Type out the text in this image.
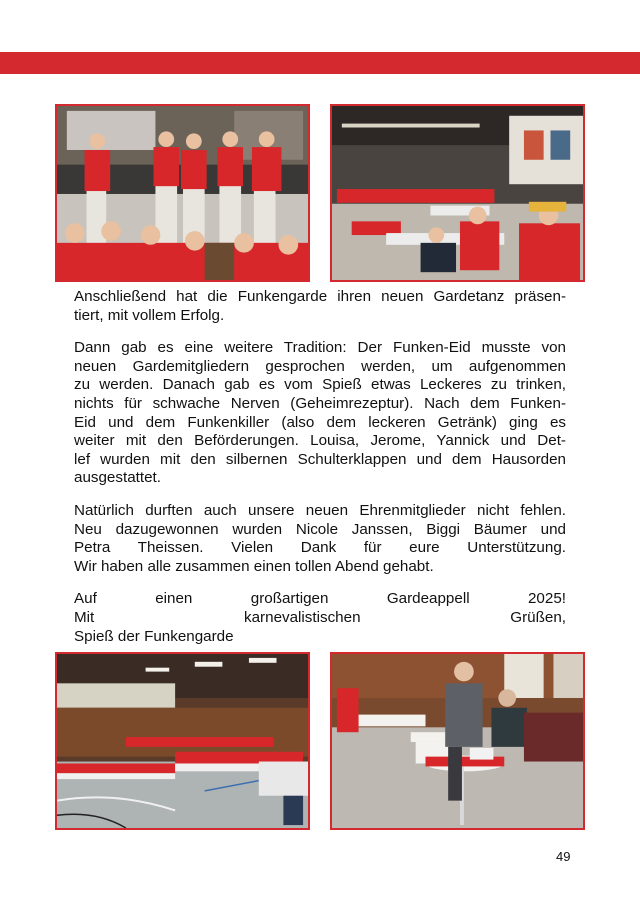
Anschließend hat die Funkengarde ihren neuen Gardetanz präsen-
tiert, mit vollem Erfolg.

Dann gab es eine weitere Tradition: Der Funken-Eid musste von
neuen Gardemitgliedern gesprochen werden, um aufgenommen
zu werden. Danach gab es vom Spieß etwas Leckeres zu trinken,
nichts für schwache Nerven (Geheimrezeptur). Nach dem Funken-
Eid und dem Funkenkiller (also dem leckeren Getränk) ging es
weiter mit den Beförderungen. Louisa, Jerome, Yannick und Det-
lef wurden mit den silbernen Schulterklappen und dem Hausorden
ausgestattet.

Natürlich durften auch unsere neuen Ehrenmitglieder nicht fehlen.
Neu dazugewonnen wurden Nicole Janssen, Biggi Bäumer und
Petra Theissen. Vielen Dank für eure Unterstützung.
Wir haben alle zusammen einen tollen Abend gehabt.

Auf einen großartigen Gardeappell 2025!
Mit karnevalistischen Grüßen,
Spieß der Funkengarde

49
